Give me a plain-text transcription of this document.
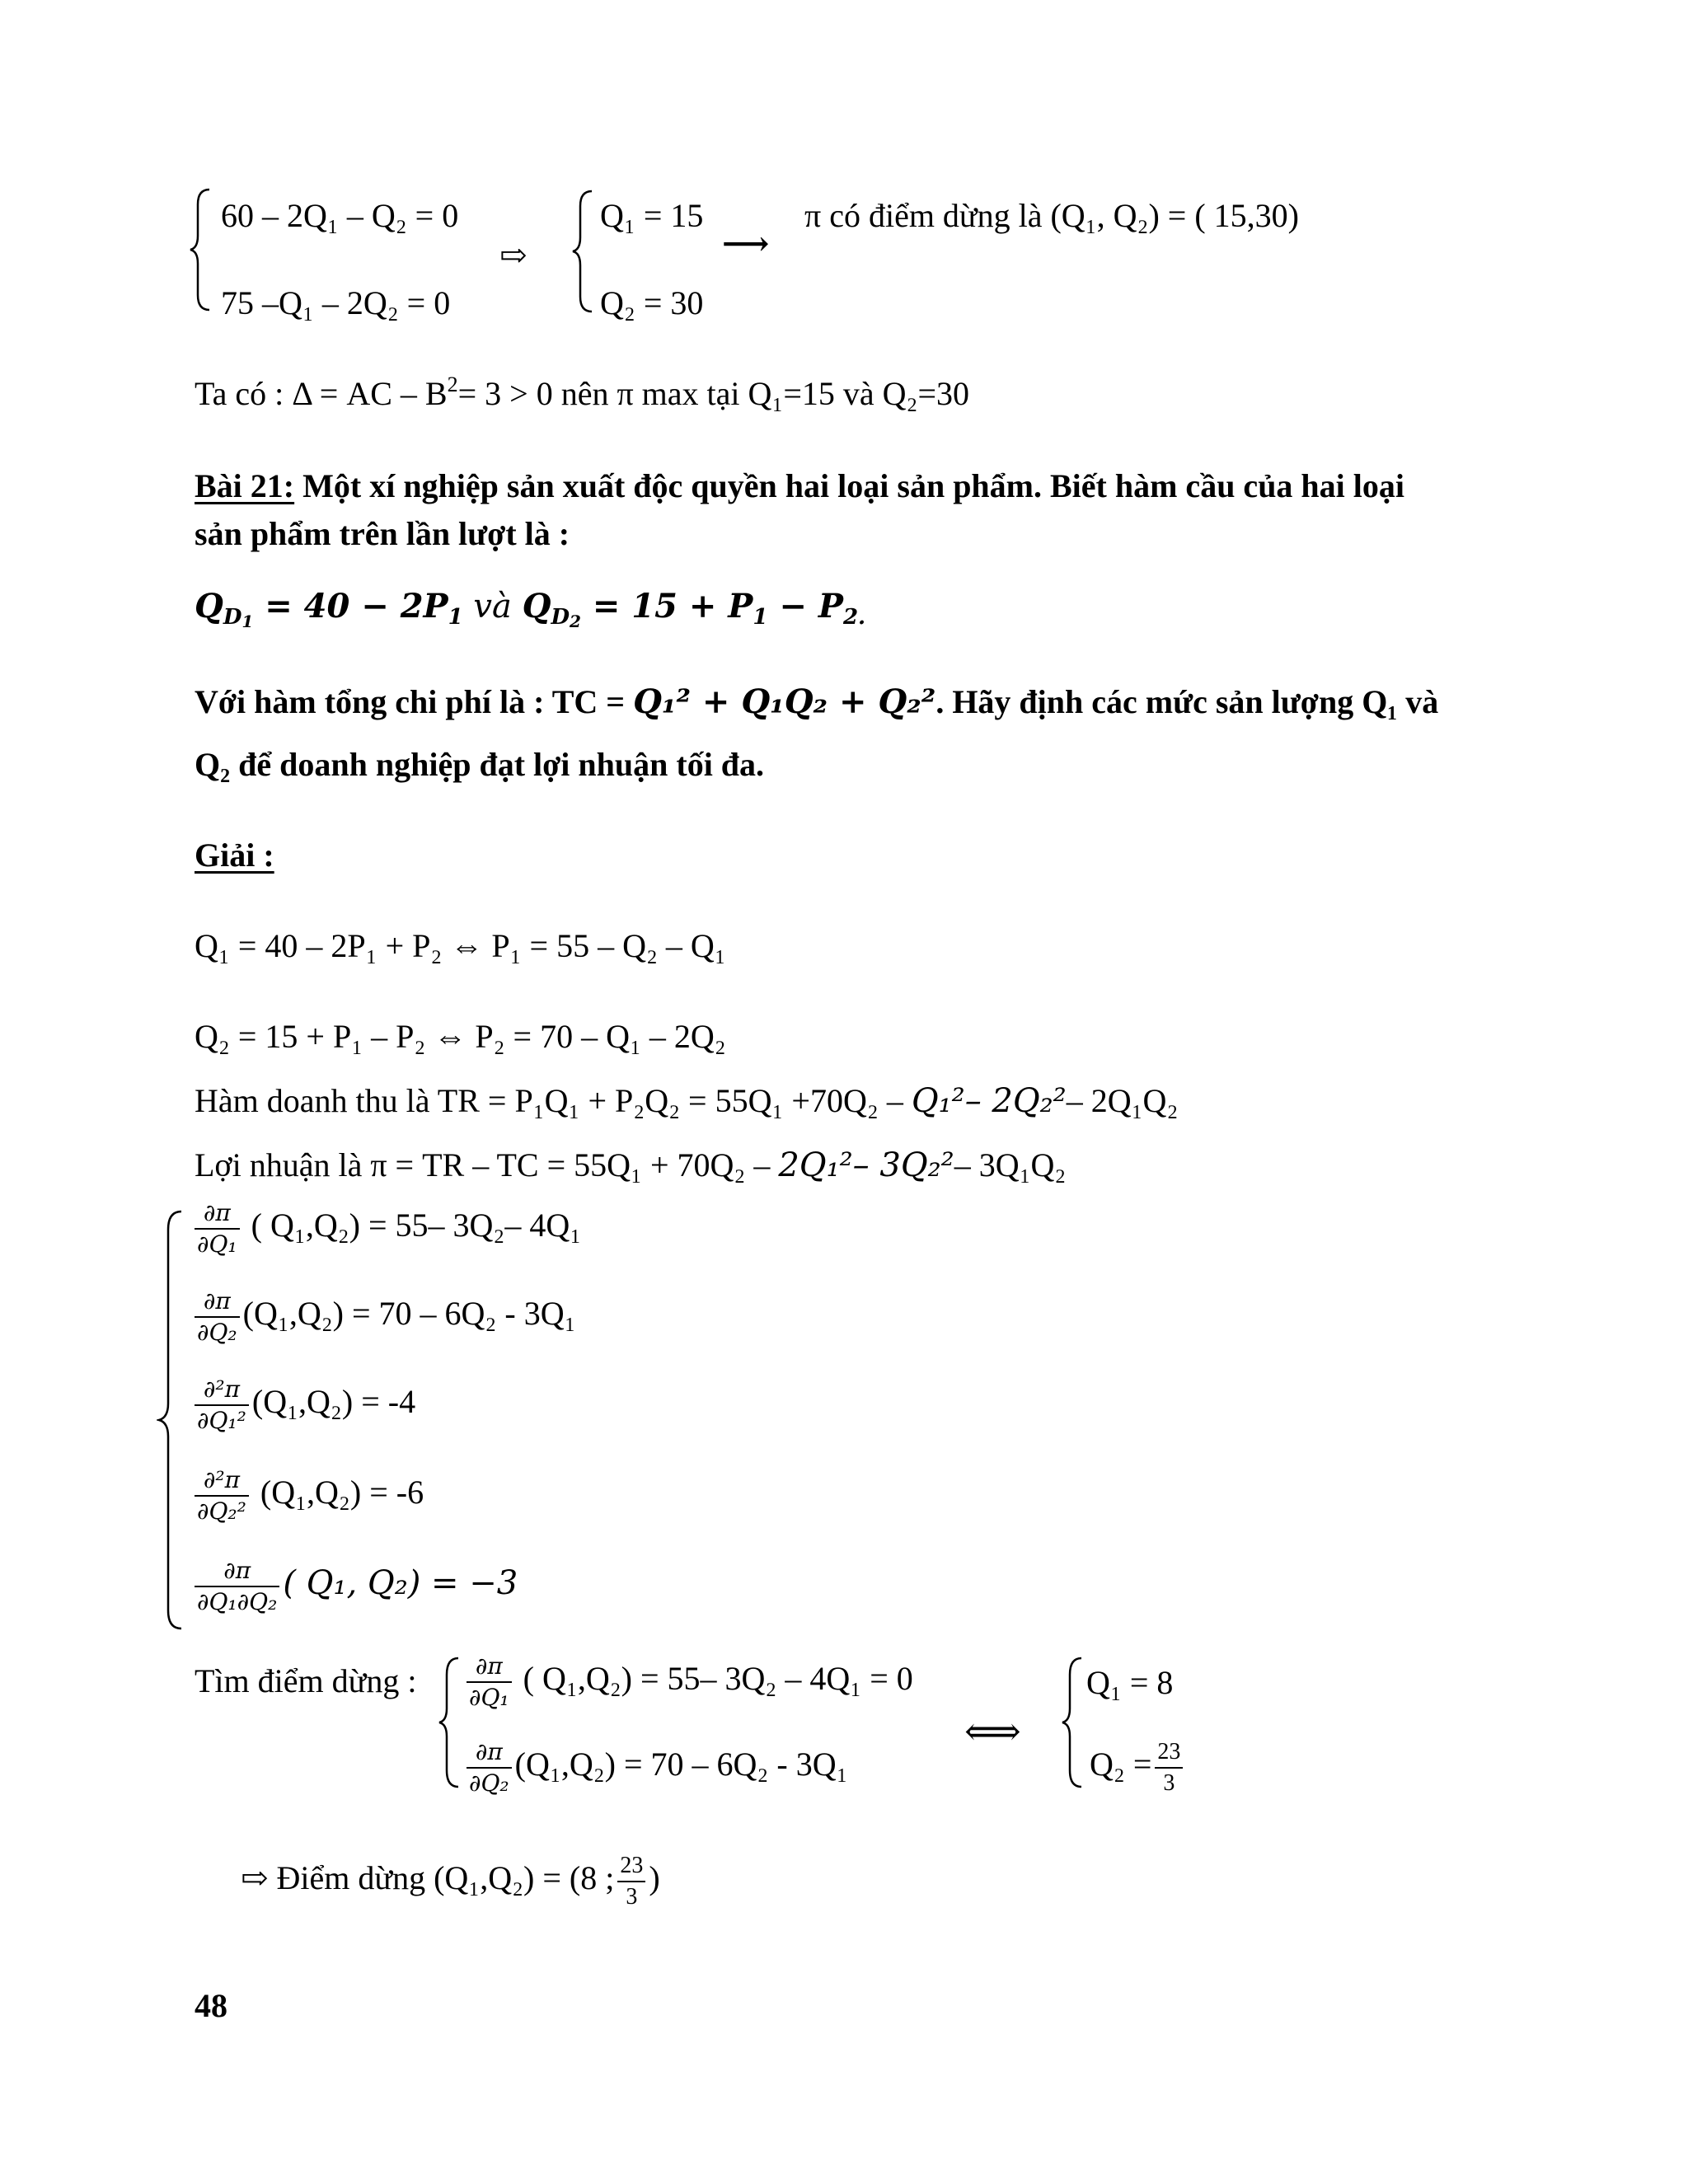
60 – 2Q₁ – Q₂ = 0
75 –Q₁ – 2Q₂ = 0
⇨
Q₁ = 15
Q₂ = 30
⟶
π có điểm dừng là (Q₁, Q₂) = ( 15,30)
Ta có : Δ = AC – $B^2= 3 > 0$ nên π max tại Q₁=15 và Q₂=30
Bài 21: Một xí nghiệp sản xuất độc quyền hai loại sản phẩm. Biết hàm cầu của hai loại
sản phẩm trên lần lượt là :
$Q_{D1} = 40 - 2P_1$ và $Q_{D2} = 15 + P_1 - P_{2.}$
Với hàm tổng chi phí là : TC = Q₁² + Q₁Q₂ + Q₂². Hãy định các mức sản lượng Q₁ và
Q₂ để doanh nghiệp đạt lợi nhuận tối đa.
Giải :
Q₁ = 40 – 2P₁ + P₂ ⇔ P₁ = 55 – Q₂ – Q₁
Q₂ = 15 + P₁ – P₂ ⇔ P₂ = 70 – Q₁ – 2Q₂
Hàm doanh thu là TR = P₁Q₁ + P₂Q₂ = 55Q₁ +70Q₂ – Q₁²– 2Q₂²– 2Q₁Q₂
Lợi nhuận là π = TR – TC = 55Q₁ + 70Q₂ – 2Q₁²– 3Q₂²– 3Q₁Q₂
$\frac{\partial\pi}{\text{∂Q₁}}$ ( Q₁,Q₂) = 55– 3Q₂– 4Q₁
$\frac{\partial\pi}{\text{∂Q₂}} (Q_1,Q_2) = 70 - 6Q_2 - 3Q_1$
$\frac{\text{∂²π}}{\text{∂Q₁²}} (Q_1,Q_2) = -4$
$\frac{\text{∂²π}}{\text{∂Q₂²}} (Q_1,Q_2) = -6$
$\frac{\partial\pi}{\text{∂Q₁∂Q₂}}$ ( Q₁, Q₂) = −3
Tìm điểm dừng : $\frac{\partial\pi}{\text{∂Q₁}}$ ( Q₁,Q₂) = 55– 3Q₂ – 4Q₁ = 0
$\frac{\partial\pi}{\text{∂Q₂}} (Q_1,Q_2) = 70 - 6Q_2 - 3Q_1$
⟺
Q₁ = 8
$Q_2 = \frac{23}{3}$
⇨ Điểm dừng (Q₁,Q₂) = (8 ; $\frac{23}{3}$ )
48
